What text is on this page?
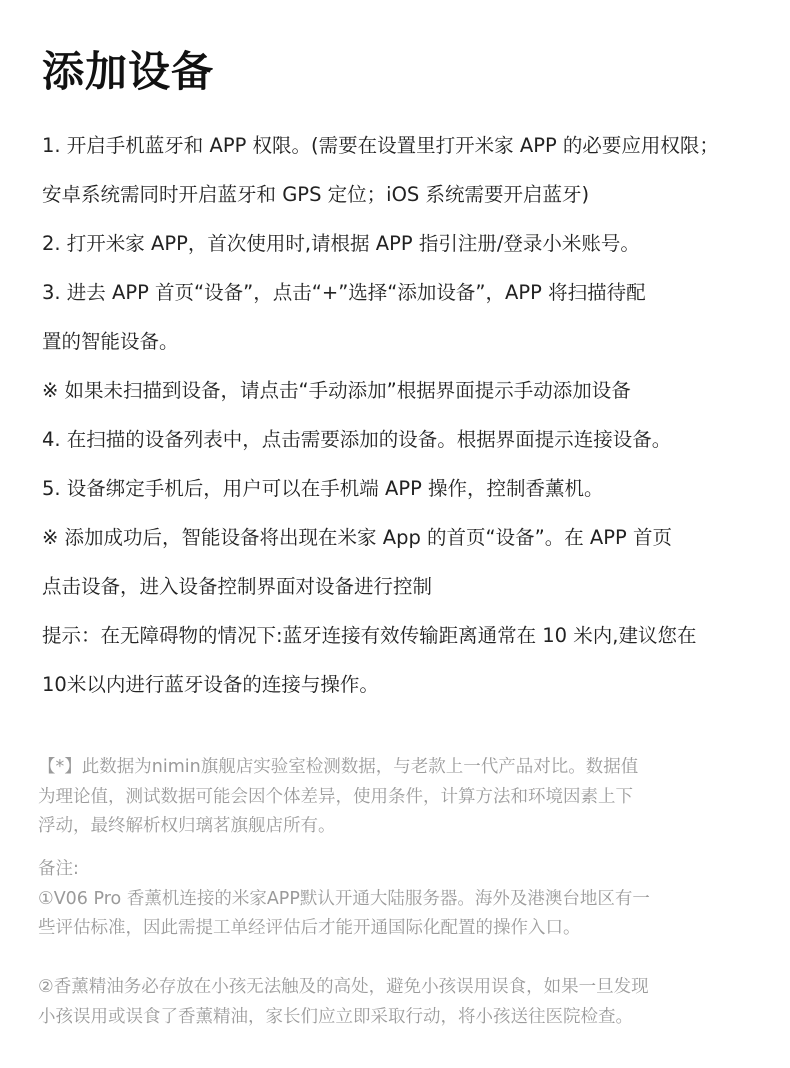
添加设备
1. 开启手机蓝牙和 APP 权限。(需要在设置里打开米家 APP 的必要应用权限；
安卓系统需同时开启蓝牙和 GPS 定位；iOS 系统需要开启蓝牙)
2. 打开米家 APP，首次使用时,请根据 APP 指引注册/登录小米账号。
3. 进去 APP 首页“设备”，点击“+”选择“添加设备”，APP 将扫描待配
置的智能设备。
※ 如果未扫描到设备，请点击“手动添加”根据界面提示手动添加设备
4. 在扫描的设备列表中，点击需要添加的设备。根据界面提示连接设备。
5. 设备绑定手机后，用户可以在手机端 APP 操作，控制香薰机。
※ 添加成功后，智能设备将出现在米家 App 的首页“设备”。在 APP 首页
点击设备，进入设备控制界面对设备进行控制
提示：在无障碍物的情况下:蓝牙连接有效传输距离通常在 10 米内,建议您在
10米以内进行蓝牙设备的连接与操作。
【*】此数据为nimin旗舰店实验室检测数据，与老款上一代产品对比。数据值
为理论值，测试数据可能会因个体差异，使用条件，计算方法和环境因素上下
浮动，最终解析权归璃茗旗舰店所有。
备注:
①V06 Pro 香薰机连接的米家APP默认开通大陆服务器。海外及港澳台地区有一
些评估标准，因此需提工单经评估后才能开通国际化配置的操作入口。
②香薰精油务必存放在小孩无法触及的高处，避免小孩误用误食，如果一旦发现
小孩误用或误食了香薰精油，家长们应立即采取行动，将小孩送往医院检查。
